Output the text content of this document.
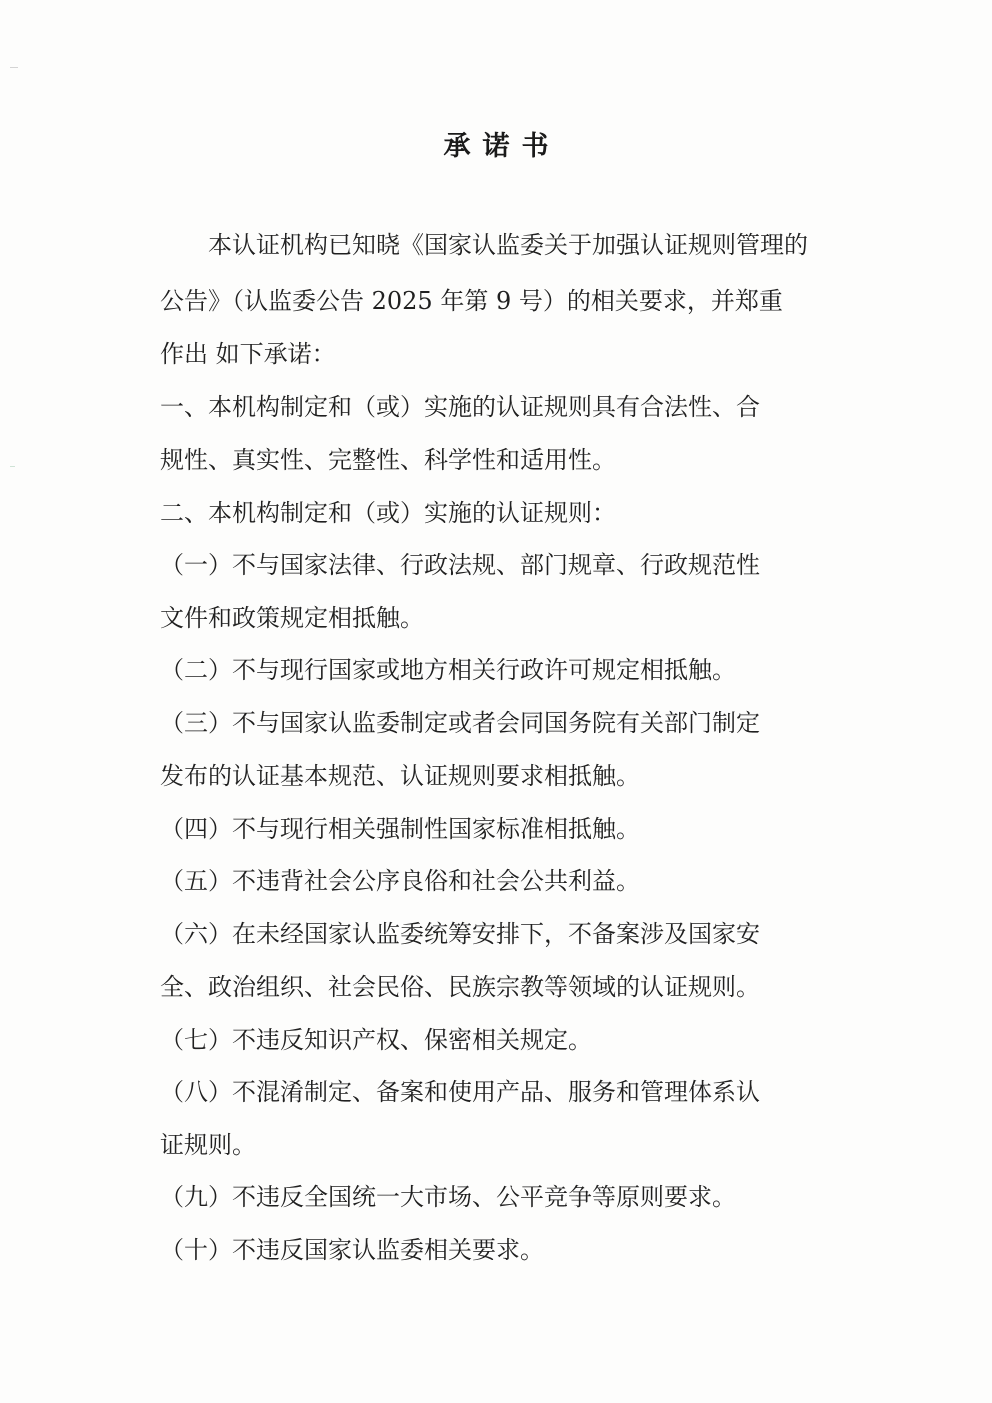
承诺书
本认证机构已知晓《国家认监委关于加强认证规则管理的
公告》（认监委公告 2025 年第 9 号）的相关要求，并郑重
作出 如下承诺：
一、本机构制定和（或）实施的认证规则具有合法性、合
规性、真实性、完整性、科学性和适用性。
二、本机构制定和（或）实施的认证规则：
（一）不与国家法律、行政法规、部门规章、行政规范性
文件和政策规定相抵触。
（二）不与现行国家或地方相关行政许可规定相抵触。
（三）不与国家认监委制定或者会同国务院有关部门制定
发布的认证基本规范、认证规则要求相抵触。
（四）不与现行相关强制性国家标准相抵触。
（五）不违背社会公序良俗和社会公共利益。
（六）在未经国家认监委统筹安排下，不备案涉及国家安
全、政治组织、社会民俗、民族宗教等领域的认证规则。
（七）不违反知识产权、保密相关规定。
（八）不混淆制定、备案和使用产品、服务和管理体系认
证规则。
（九）不违反全国统一大市场、公平竞争等原则要求。
（十）不违反国家认监委相关要求。
